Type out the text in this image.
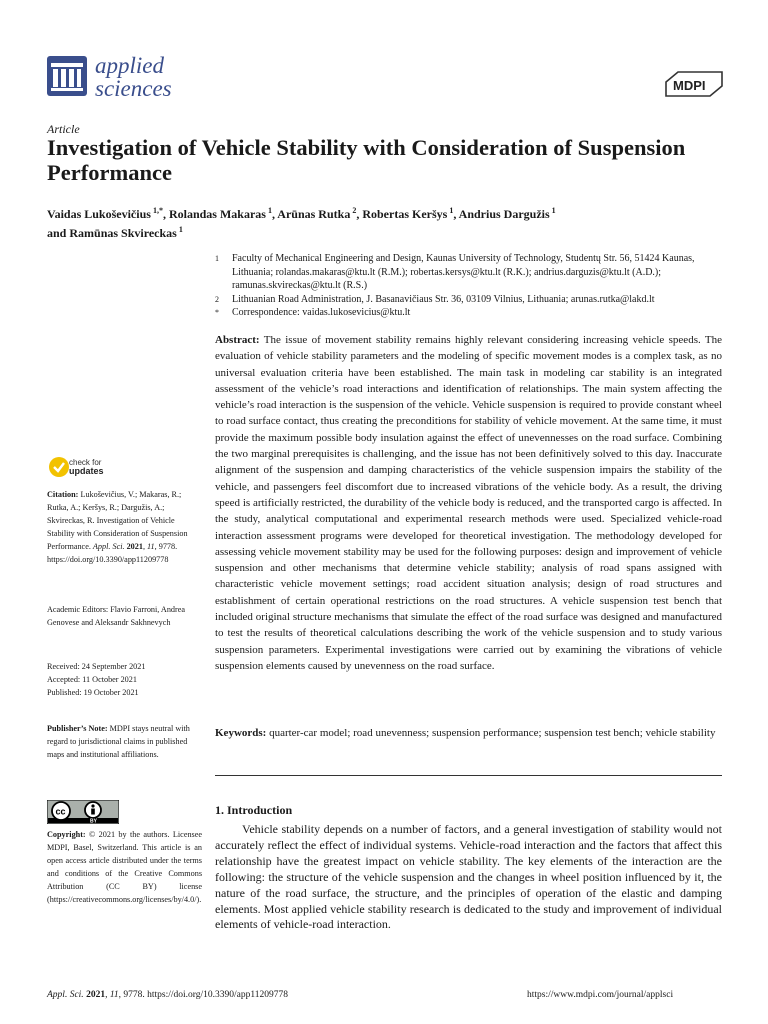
applied
sciences	MDPI
Article
Investigation of Vehicle Stability with Consideration of Suspension Performance
Vaidas Lukoševičius $^{1,*}$, Rolandas Makaras $^1$, Arūnas Rutka $^2$, Robertas Keršys $^1$, Andrius Dargužis $^1$
and Ramūnas Skvireckas $^1$
1	Faculty of Mechanical Engineering and Design, Kaunas University of Technology, Studentų Str. 56, 51424 Kaunas, Lithuania; rolandas.makaras@ktu.lt (R.M.); robertas.kersys@ktu.lt (R.K.); andrius.darguzis@ktu.lt (A.D.); ramunas.skvireckas@ktu.lt (R.S.)
2	Lithuanian Road Administration, J. Basanavičiaus Str. 36, 03109 Vilnius, Lithuania; arunas.rutka@lakd.lt
*	Correspondence: vaidas.lukosevicius@ktu.lt
check for
updates
Citation: Lukoševičius, V.; Makaras, R.; Rutka, A.; Keršys, R.; Dargužis, A.; Skvireckas, R. Investigation of Vehicle Stability with Consideration of Suspension Performance. Appl. Sci. 2021, 11, 9778. https://doi.org/10.3390/app11209778
Academic Editors: Flavio Farroni, Andrea Genovese and Aleksandr Sakhnevych
Received: 24 September 2021
Accepted: 11 October 2021
Published: 19 October 2021
Publisher’s Note: MDPI stays neutral with regard to jurisdictional claims in published maps and institutional affiliations.
cc
BY
Copyright: © 2021 by the authors. Licensee MDPI, Basel, Switzerland. This article is an open access article distributed under the terms and conditions of the Creative Commons Attribution (CC BY) license (https://creativecommons.org/licenses/by/4.0/).
Abstract: The issue of movement stability remains highly relevant considering increasing vehicle speeds. The evaluation of vehicle stability parameters and the modeling of specific movement modes is a complex task, as no universal evaluation criteria have been established. The main task in modeling car stability is an integrated assessment of the vehicle’s road interactions and identification of relationships. The main system affecting the vehicle’s road interaction is the suspension of the vehicle. Vehicle suspension is required to provide constant wheel to road surface contact, thus creating the preconditions for stability of vehicle movement. At the same time, it must provide the maximum possible body insulation against the effect of unevennesses on the road surface. Combining the two marginal prerequisites is challenging, and the issue has not been definitively solved to this day. Inaccurate alignment of the suspension and damping characteristics of the vehicle suspension impairs the stability of the vehicle, and passengers feel discomfort due to increased vibrations of the vehicle body. As a result, the driving speed is artificially restricted, the durability of the vehicle body is reduced, and the transported cargo is affected. In the study, analytical computational and experimental research methods were used. Specialized vehicle-road interaction assessment programs were developed for theoretical investigation. The methodology developed for assessing vehicle movement stability may be used for the following purposes: design and improvement of vehicle suspension and other mechanisms that determine vehicle stability; analysis of road spans assigned with characteristic vehicle movement settings; road accident situation analysis; design of road structures and establishment of certain operational restrictions on the road structures. A vehicle suspension test bench that included original structure mechanisms that simulate the effect of the road surface was designed and manufactured to test the results of theoretical calculations describing the work of the vehicle suspension and to study various suspension parameters. Experimental investigations were carried out by examining the vibrations of vehicle suspension elements caused by unevenness on the road surface.
Keywords: quarter-car model; road unevenness; suspension performance; suspension test bench; vehicle stability
1. Introduction
Vehicle stability depends on a number of factors, and a general investigation of stability would not accurately reflect the effect of individual systems. Vehicle-road interaction and the factors that affect this relationship have the greatest impact on vehicle stability. The key elements of the interaction are the following: the structure of the vehicle suspension and the changes in wheel position influenced by it, the nature of the road surface, the structure, and the principles of operation of the elastic and damping elements. Most applied vehicle stability research is dedicated to the study and improvement of individual elements of vehicle-road interaction.
Appl. Sci. 2021, 11, 9778. https://doi.org/10.3390/app11209778	https://www.mdpi.com/journal/applsci
